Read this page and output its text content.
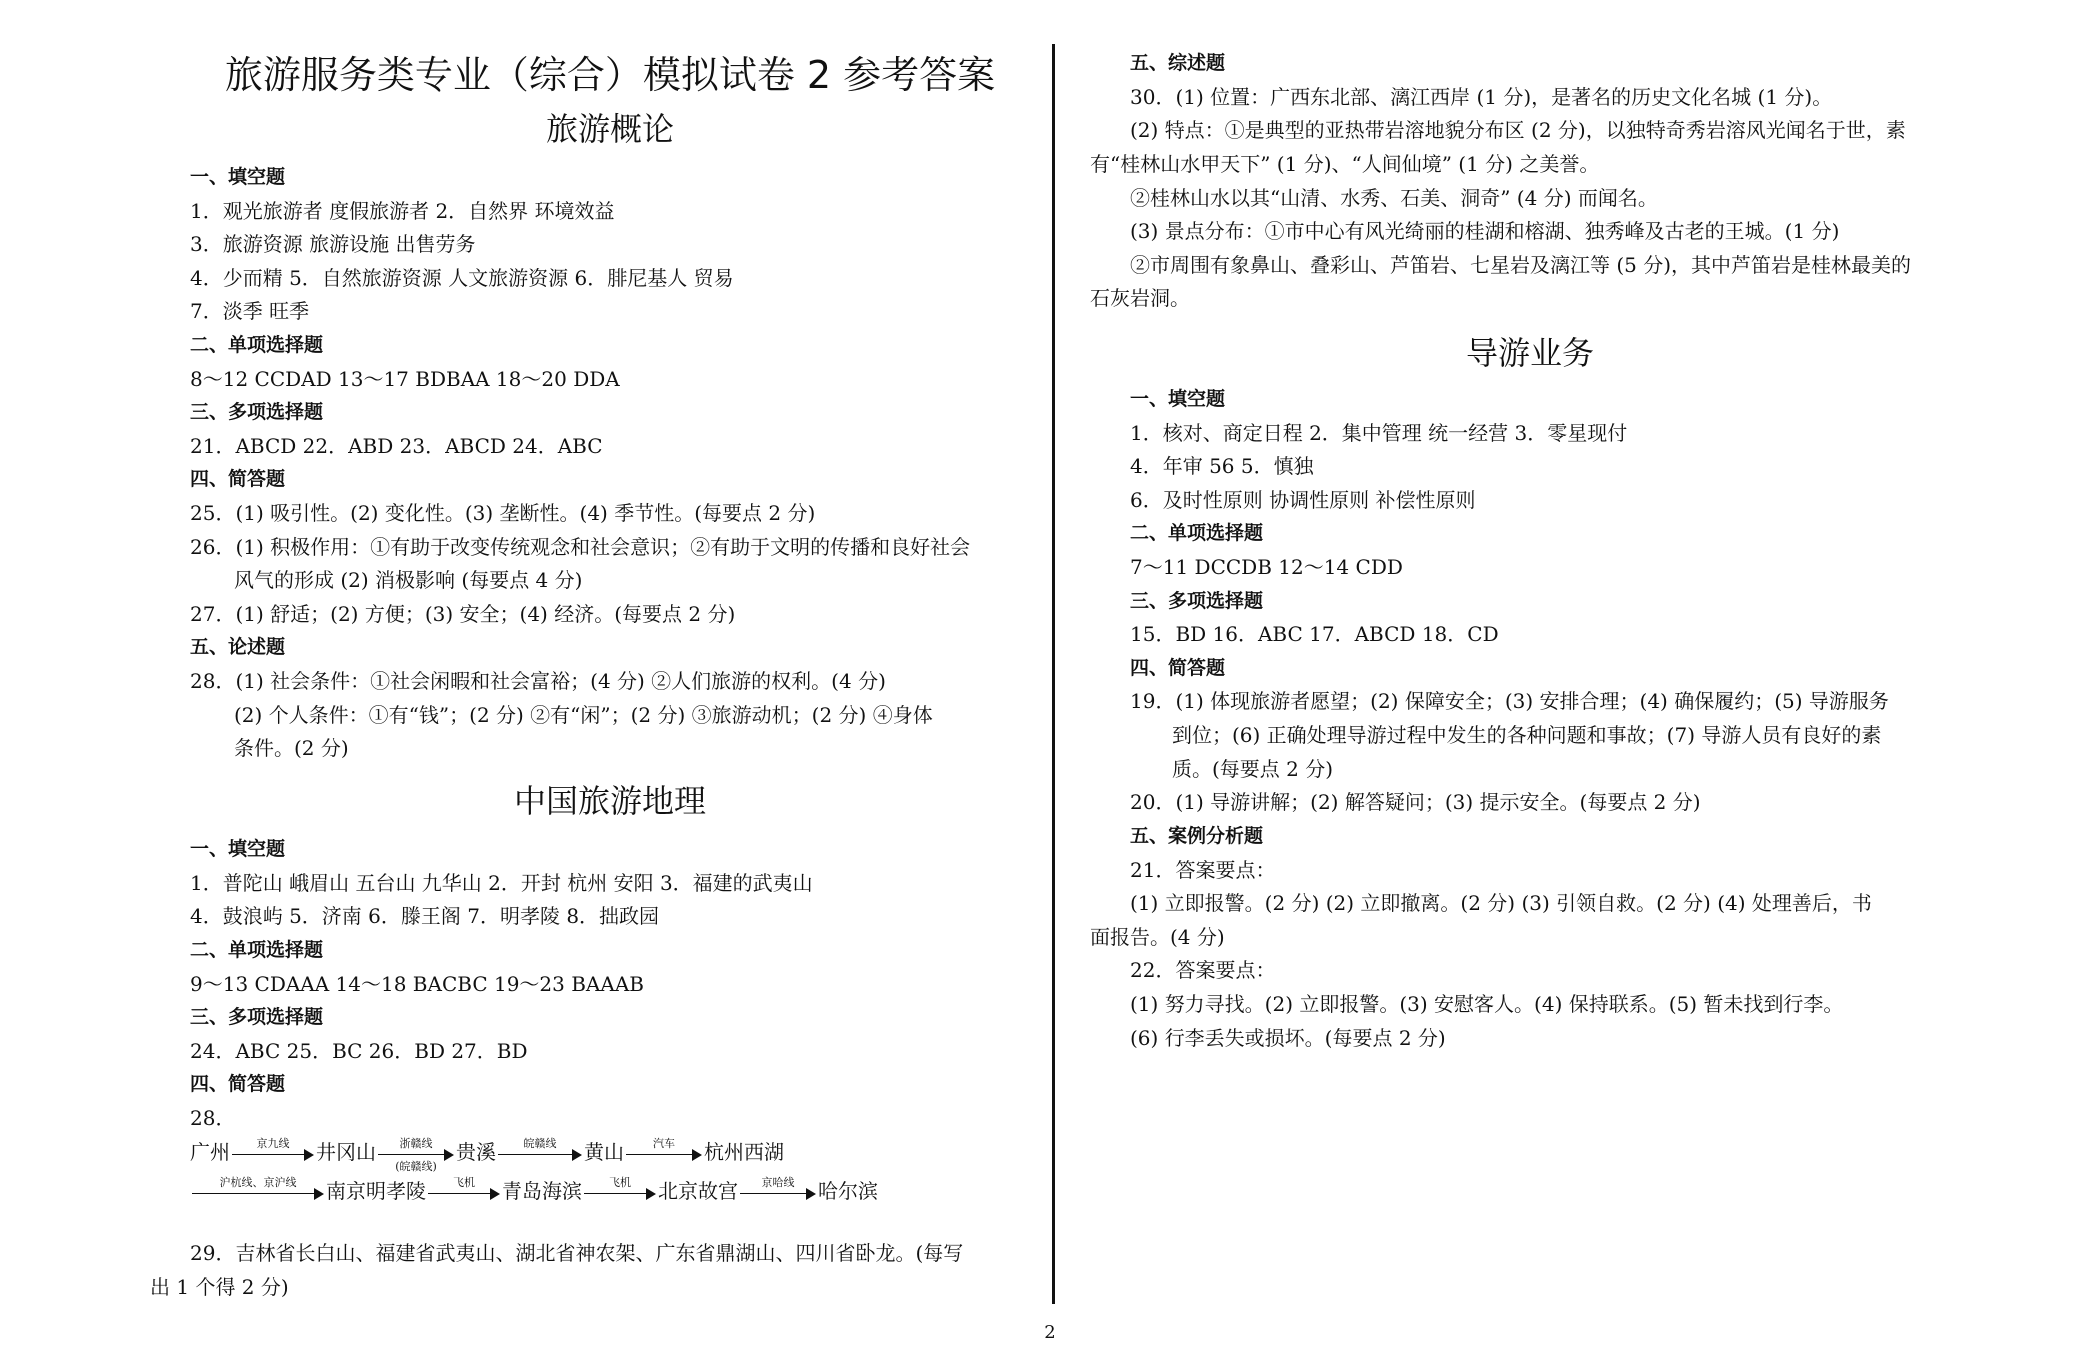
旅游服务类专业（综合）模拟试卷 2 参考答案
旅游概论
一、填空题
1．观光旅游者 度假旅游者 2．自然界 环境效益
3．旅游资源 旅游设施 出售劳务
4．少而精 5．自然旅游资源 人文旅游资源 6．腓尼基人 贸易
7．淡季 旺季
二、单项选择题
8～12 CCDAD 13～17 BDBAA 18～20 DDA
三、多项选择题
21．ABCD 22．ABD 23．ABCD 24．ABC
四、简答题
25．(1) 吸引性。(2) 变化性。(3) 垄断性。(4) 季节性。(每要点 2 分)
26．(1) 积极作用：①有助于改变传统观念和社会意识；②有助于文明的传播和良好社会
风气的形成 (2) 消极影响 (每要点 4 分)
27．(1) 舒适；(2) 方便；(3) 安全；(4) 经济。(每要点 2 分)
五、论述题
28．(1) 社会条件：①社会闲暇和社会富裕；(4 分) ②人们旅游的权利。(4 分)
(2) 个人条件：①有“钱”；(2 分) ②有“闲”；(2 分) ③旅游动机；(2 分) ④身体
条件。(2 分)
中国旅游地理
一、填空题
1．普陀山 峨眉山 五台山 九华山 2．开封 杭州 安阳 3．福建的武夷山
4．鼓浪屿 5．济南 6．滕王阁 7．明孝陵 8．拙政园
二、单项选择题
9～13 CDAAA 14～18 BACBC 19～23 BAAAB
三、多项选择题
24．ABC 25．BC 26．BD 27．BD
四、简答题
28．
广州	京九线	井冈山	浙赣线
(皖赣线)
贵溪	皖赣线	黄山	汽车	杭州西湖
沪杭线、京沪线	南京明孝陵	飞机	青岛海滨	飞机	北京故宫	京哈线	哈尔滨
29．吉林省长白山、福建省武夷山、湖北省神农架、广东省鼎湖山、四川省卧龙。(每写
出 1 个得 2 分)
五、综述题
30．(1) 位置：广西东北部、漓江西岸 (1 分)，是著名的历史文化名城 (1 分)。
(2) 特点：①是典型的亚热带岩溶地貌分布区 (2 分)，以独特奇秀岩溶风光闻名于世，素
有“桂林山水甲天下” (1 分)、“人间仙境” (1 分) 之美誉。
②桂林山水以其“山清、水秀、石美、洞奇” (4 分) 而闻名。
(3) 景点分布：①市中心有风光绮丽的桂湖和榕湖、独秀峰及古老的王城。(1 分)
②市周围有象鼻山、叠彩山、芦笛岩、七星岩及漓江等 (5 分)，其中芦笛岩是桂林最美的
石灰岩洞。
导游业务
一、填空题
1．核对、商定日程 2．集中管理 统一经营 3．零星现付
4．年审 56 5．慎独
6．及时性原则 协调性原则 补偿性原则
二、单项选择题
7～11 DCCDB 12～14 CDD
三、多项选择题
15．BD 16．ABC 17．ABCD 18．CD
四、简答题
19．(1) 体现旅游者愿望；(2) 保障安全；(3) 安排合理；(4) 确保履约；(5) 导游服务
到位；(6) 正确处理导游过程中发生的各种问题和事故；(7) 导游人员有良好的素
质。(每要点 2 分)
20．(1) 导游讲解；(2) 解答疑问；(3) 提示安全。(每要点 2 分)
五、案例分析题
21．答案要点：
(1) 立即报警。(2 分) (2) 立即撤离。(2 分) (3) 引领自救。(2 分) (4) 处理善后，书
面报告。(4 分)
22．答案要点：
(1) 努力寻找。(2) 立即报警。(3) 安慰客人。(4) 保持联系。(5) 暂未找到行李。
(6) 行李丢失或损坏。(每要点 2 分)
2
